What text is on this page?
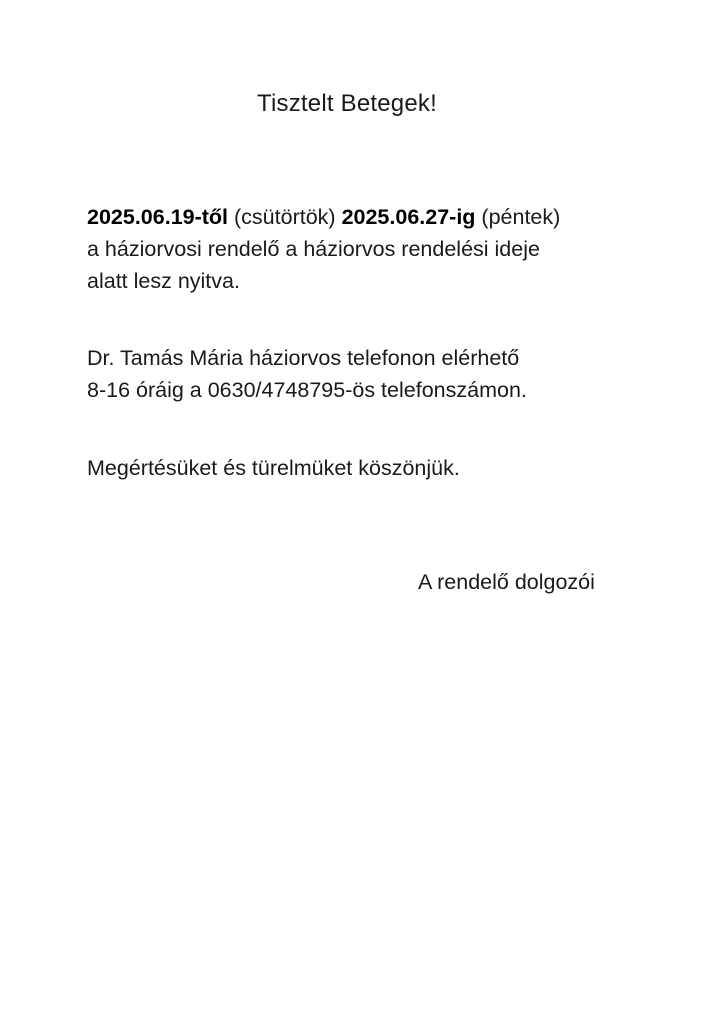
Tisztelt Betegek!
2025.06.19-től (csütörtök) 2025.06.27-ig (péntek)
a háziorvosi rendelő a háziorvos rendelési ideje
alatt lesz nyitva.
Dr. Tamás Mária háziorvos telefonon elérhető
8-16 óráig a 0630/4748795-ös telefonszámon.
Megértésüket és türelmüket köszönjük.
A rendelő dolgozói
